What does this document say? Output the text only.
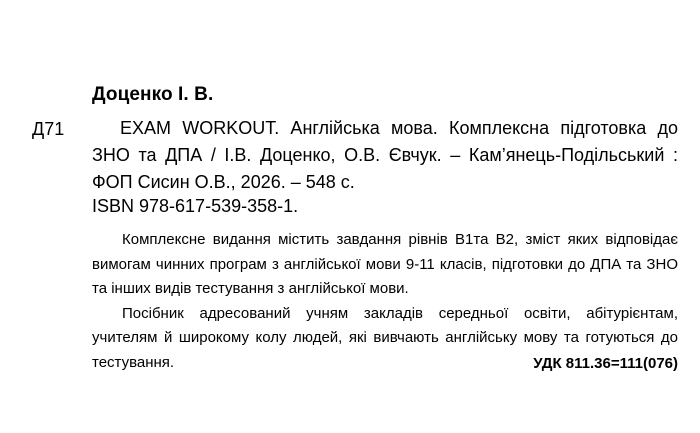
Доценко І. В.
Д71	EXAM WORKOUT. Англійська мова. Комплексна підготовка до ЗНО та ДПА / І.В. Доценко, О.В. Євчук. – Кам’янець-Подільський : ФОП Сисин О.В., 2026. – 548 с.

ISBN 978-617-539-358-1.

Комплексне видання містить завдання рівнів В1та В2, зміст яких відповідає вимогам чинних програм з англійської мови 9-11 класів, підготовки до ДПА та ЗНО та інших видів тестування з англійської мови.

Посібник адресований учням закладів середньої освіти, абітурієнтам, учителям й широкому колу людей, які вивчають англійську мову та готуються до тестування.	УДК 811.36=111(076)
